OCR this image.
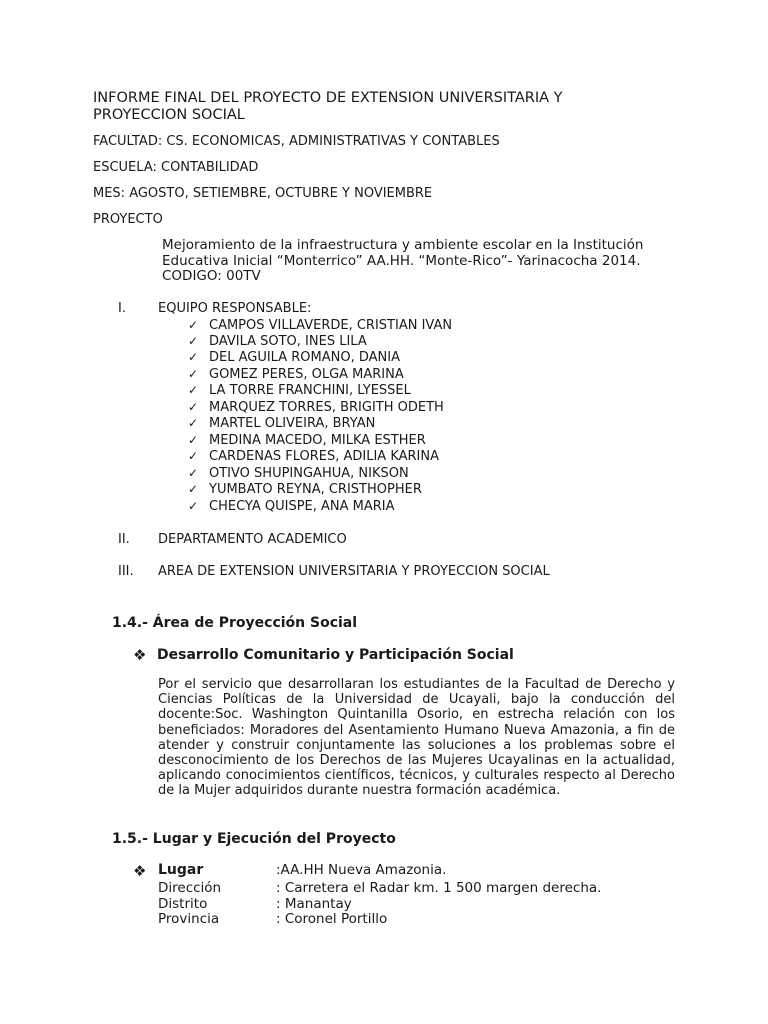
INFORME FINAL DEL PROYECTO DE EXTENSION UNIVERSITARIA Y
PROYECCION SOCIAL
FACULTAD: CS. ECONOMICAS, ADMINISTRATIVAS Y CONTABLES
ESCUELA: CONTABILIDAD
MES: AGOSTO, SETIEMBRE, OCTUBRE Y NOVIEMBRE
PROYECTO

Mejoramiento de la infraestructura y ambiente escolar en la Institución Educativa Inicial “Monterrico” AA.HH. “Monte-Rico”- Yarinacocha 2014. CODIGO: 00TV

I. EQUIPO RESPONSABLE:
✓ CAMPOS VILLAVERDE, CRISTIAN IVAN
✓ DAVILA SOTO, INES LILA
✓ DEL AGUILA ROMANO, DANIA
✓ GOMEZ PERES, OLGA MARINA
✓ LA TORRE FRANCHINI, LYESSEL
✓ MARQUEZ TORRES, BRIGITH ODETH
✓ MARTEL OLIVEIRA, BRYAN
✓ MEDINA MACEDO, MILKA ESTHER
✓ CARDENAS FLORES, ADILIA KARINA
✓ OTIVO SHUPINGAHUA, NIKSON
✓ YUMBATO REYNA, CRISTHOPHER
✓ CHECYA QUISPE, ANA MARIA
II. DEPARTAMENTO ACADEMICO
III. AREA DE EXTENSION UNIVERSITARIA Y PROYECCION SOCIAL
1.4.- Área de Proyección Social
❖ Desarrollo Comunitario y Participación Social

Por el servicio que desarrollaran los estudiantes de la Facultad de Derecho y Ciencias Políticas de la Universidad de Ucayali, bajo la conducción del docente:Soc. Washington Quintanilla Osorio, en estrecha relación con los beneficiados: Moradores del Asentamiento Humano Nueva Amazonia, a fin de atender y construir conjuntamente las soluciones a los problemas sobre el desconocimiento de los Derechos de las Mujeres Ucayalinas en la actualidad, aplicando conocimientos científicos, técnicos, y culturales respecto al Derecho de la Mujer adquiridos durante nuestra formación académica.

1.5.- Lugar y Ejecución del Proyecto
❖ Lugar	:AA.HH Nueva Amazonia.
Dirección	: Carretera el Radar km. 1 500 margen derecha.
Distrito	: Manantay
Provincia	: Coronel Portillo
